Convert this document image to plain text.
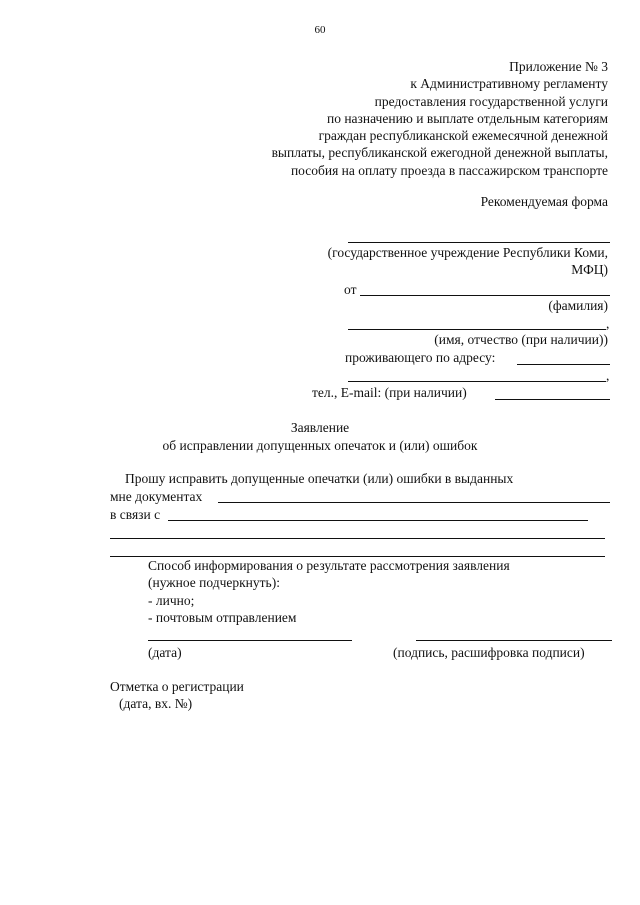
60
Приложение № 3
к Административному регламенту
предоставления государственной услуги
по назначению и выплате отдельным категориям
граждан республиканской ежемесячной денежной
выплаты, республиканской ежегодной денежной выплаты,
пособия на оплату проезда в пассажирском транспорте
Рекомендуемая форма
(государственное учреждение Республики Коми,
МФЦ)
от
(фамилия)
,
(имя, отчество (при наличии))
проживающего по адресу:
,
тел., E-mail: (при наличии)
Заявление
об исправлении допущенных опечаток и (или) ошибок
Прошу исправить допущенные опечатки (или) ошибки в выданных
мне документах
в связи с
Способ информирования о результате рассмотрения заявления
(нужное подчеркнуть):
- лично;
- почтовым отправлением
(дата)	(подпись, расшифровка подписи)
Отметка о регистрации
(дата, вх. №)
